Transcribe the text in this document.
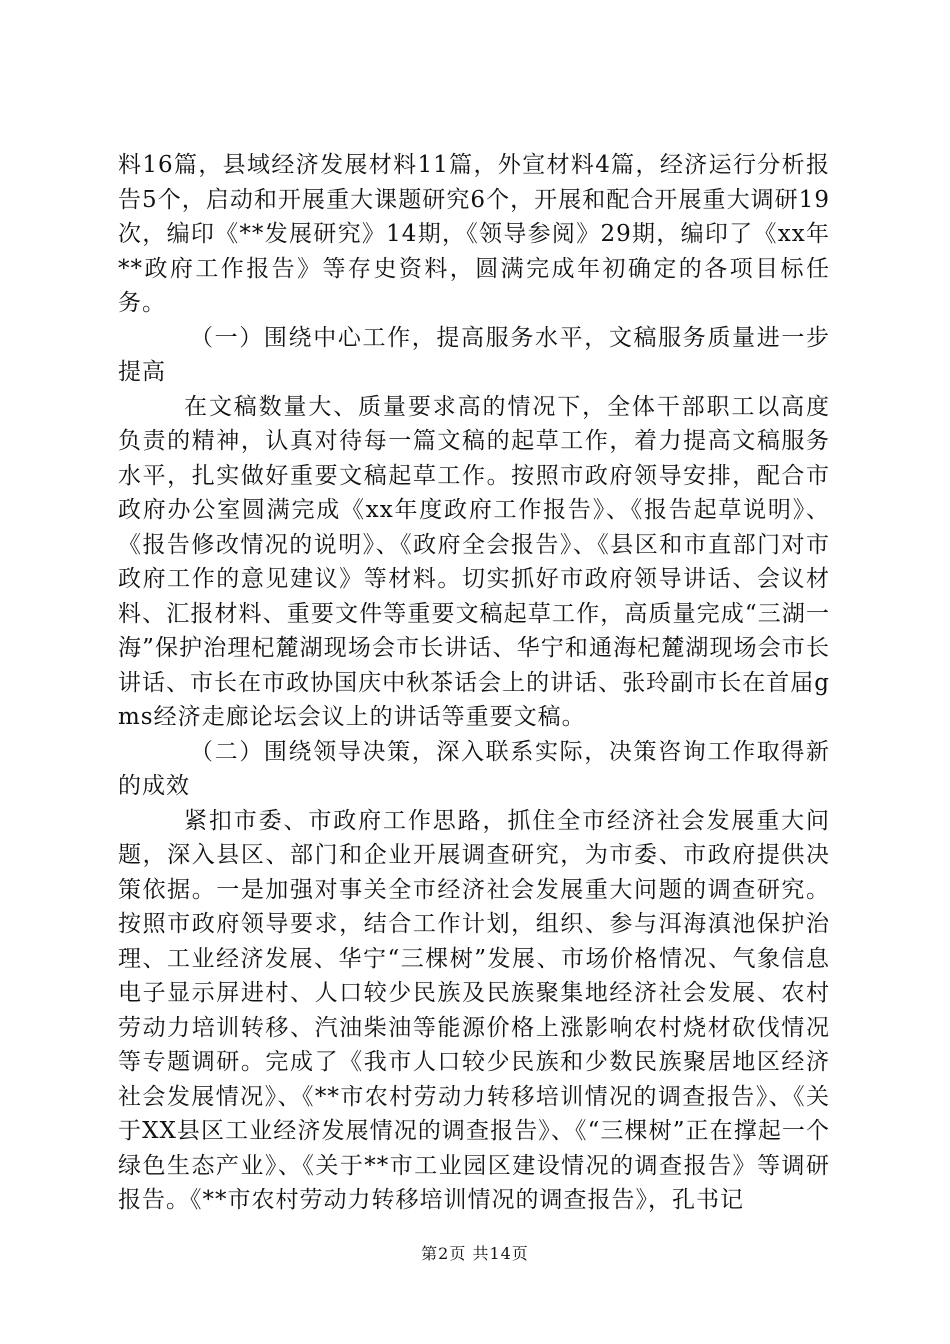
料16篇，县域经济发展材料11篇，外宣材料4篇，经济运行分析报告5个，启动和开展重大课题研究6个，开展和配合开展重大调研19次，编印《**发展研究》14期，《领导参阅》29期，编印了《xx年**政府工作报告》等存史资料，圆满完成年初确定的各项目标任务。

（一）围绕中心工作，提高服务水平，文稿服务质量进一步提高

在文稿数量大、质量要求高的情况下，全体干部职工以高度负责的精神，认真对待每一篇文稿的起草工作，着力提高文稿服务水平，扎实做好重要文稿起草工作。按照市政府领导安排，配合市政府办公室圆满完成《xx年度政府工作报告》、《报告起草说明》、《报告修改情况的说明》、《政府全会报告》、《县区和市直部门对市政府工作的意见建议》等材料。切实抓好市政府领导讲话、会议材料、汇报材料、重要文件等重要文稿起草工作，高质量完成“三湖一海”保护治理杞麓湖现场会市长讲话、华宁和通海杞麓湖现场会市长讲话、市长在市政协国庆中秋茶话会上的讲话、张玲副市长在首届gms经济走廊论坛会议上的讲话等重要文稿。

（二）围绕领导决策，深入联系实际，决策咨询工作取得新的成效

紧扣市委、市政府工作思路，抓住全市经济社会发展重大问题，深入县区、部门和企业开展调查研究，为市委、市政府提供决策依据。一是加强对事关全市经济社会发展重大问题的调查研究。按照市政府领导要求，结合工作计划，组织、参与洱海滇池保护治理、工业经济发展、华宁“三棵树”发展、市场价格情况、气象信息电子显示屏进村、人口较少民族及民族聚集地经济社会发展、农村劳动力培训转移、汽油柴油等能源价格上涨影响农村烧材砍伐情况等专题调研。完成了《我市人口较少民族和少数民族聚居地区经济社会发展情况》、《**市农村劳动力转移培训情况的调查报告》、《关于XX县区工业经济发展情况的调查报告》、《“三棵树”正在撑起一个绿色生态产业》、《关于**市工业园区建设情况的调查报告》等调研报告。《**市农村劳动力转移培训情况的调查报告》，孔书记

第2页 共14页
